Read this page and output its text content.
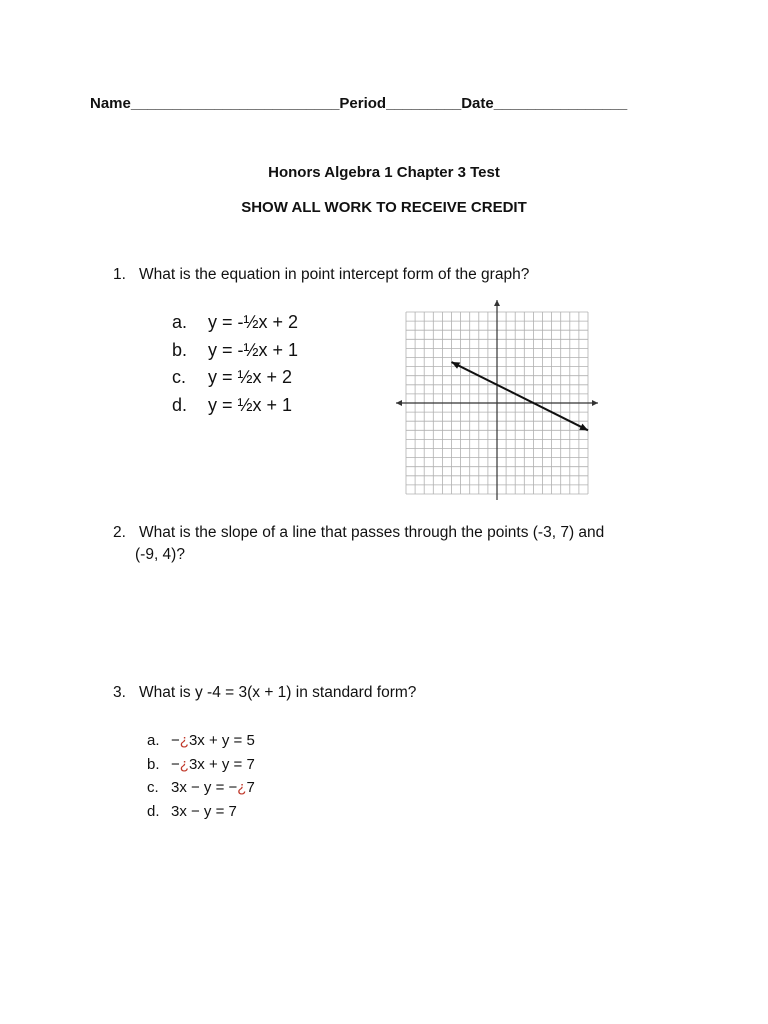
Name_________________________Period_________Date________________
Honors Algebra 1 Chapter 3 Test
SHOW ALL WORK TO RECEIVE CREDIT
1. What is the equation in point intercept form of the graph?
a. y = -½x + 2
b. y = -½x + 1
c. y = ½x + 2
d. y = ½x + 1
2. What is the slope of a line that passes through the points (-3, 7) and
(-9, 4)?
3. What is y -4 = 3(x + 1) in standard form?
a. −¿3x + y = 5
b. −¿3x + y = 7
c. 3x − y = −¿7
d. 3x − y = 7
